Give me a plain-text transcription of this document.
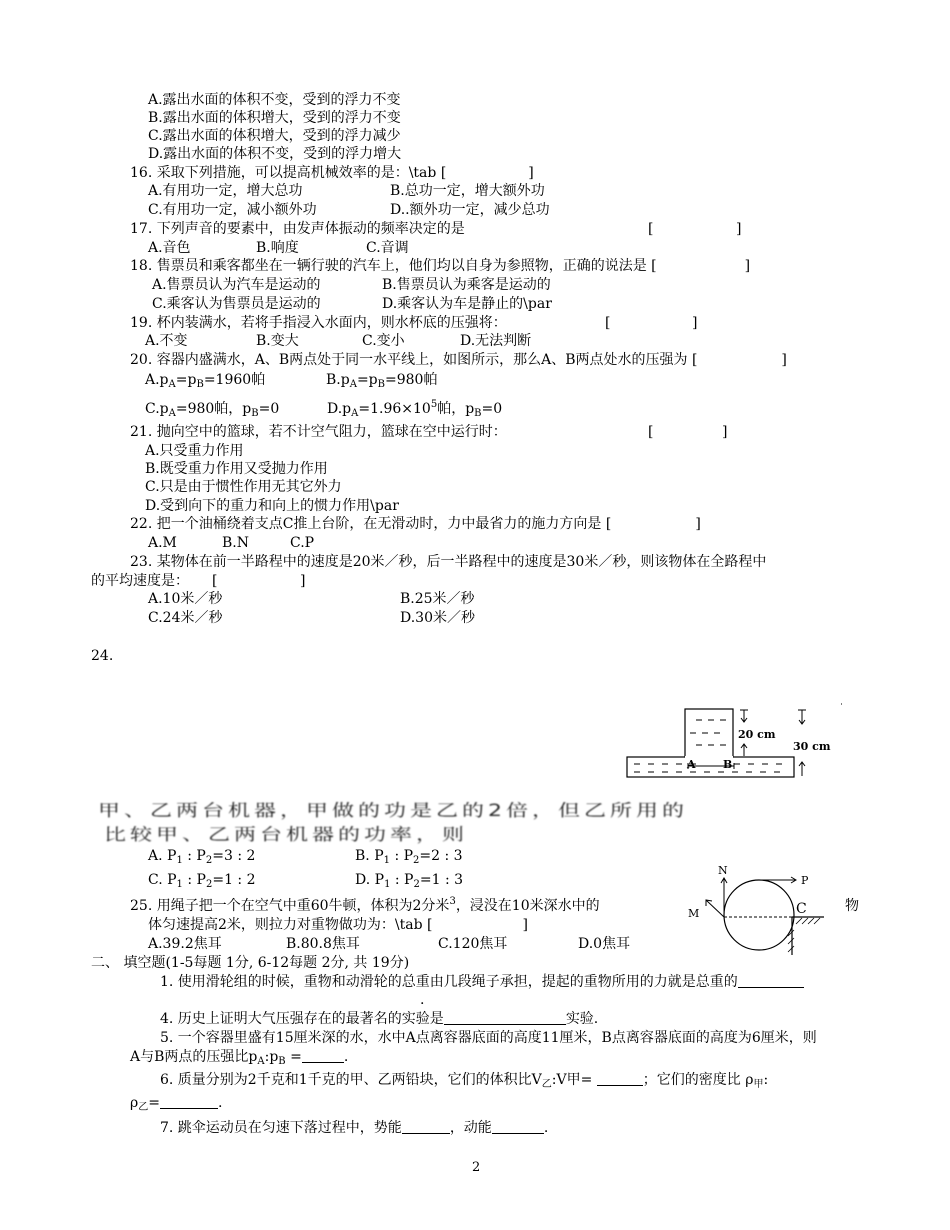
A.露出水面的体积不变，受到的浮力不变
B.露出水面的体积增大，受到的浮力不变
C.露出水面的体积增大，受到的浮力减少
D.露出水面的体积不变，受到的浮力增大
16. 采取下列措施，可以提高机械效率的是：\tab [	]
A.有用功一定，增大总功	B.总功一定，增大额外功
C.有用功一定，减小额外功	D..额外功一定，减少总功
17. 下列声音的要素中，由发声体振动的频率决定的是	[	]
A.音色	B.响度	C.音调
18. 售票员和乘客都坐在一辆行驶的汽车上，他们均以自身为参照物，正确的说法是 [	]
A.售票员认为汽车是运动的	B.售票员认为乘客是运动的
C.乘客认为售票员是运动的	D.乘客认为车是静止的\par
19. 杯内装满水，若将手指浸入水面内，则水杯底的压强将：	[	]
A.不变	B.变大	C.变小	D.无法判断
20. 容器内盛满水，A、B两点处于同一水平线上，如图所示，那么A、B两点处水的压强为 [	]
$A.p_A=p_B=1960$帕	$B.p_A=p_B=980$帕
$C.p_A=980$帕，$p_B=0$	$D.p_A=1.96\times 10^5$帕，$p_B=0$
21. 抛向空中的篮球，若不计空气阻力，篮球在空中运行时：	[	]
A.只受重力作用
B.既受重力作用又受抛力作用
C.只是由于惯性作用无其它外力
D.受到向下的重力和向上的惯力作用\par
22. 把一个油桶绕着支点C推上台阶，在无滑动时，力中最省力的施力方向是 [	]
A.M	B.N	C.P
23. 某物体在前一半路程中的速度是20米／秒，后一半路程中的速度是30米／秒，则该物体在全路程中
的平均速度是： [	]
A.10米／秒	B.25米／秒
C.24米／秒	D.30米／秒
24.
20 cm
30 cm
A B
甲、乙两台机器，甲做的功是乙的2倍，但乙所用的
比较甲、乙两台机器的功率，则
A. $P_1$ : $P_2=3$ : 2	B. $P_1$ : $P_2=2$ : 3
C. $P_1$ : $P_2=1$ : 2	D. $P_1$ : $P_2=1$ : 3
N
P
M	C
25. 用绳子把一个在空气中重60牛顿，体积为2分米$^3$，浸没在10米深水中的	物
体匀速提高2米，则拉力对重物做功为：\tab [	]
A.39.2焦耳	B.80.8焦耳	C.120焦耳	D.0焦耳
二、 填空题(1-5每题 1分, 6-12每题 2分, 共 19分)
1. 使用滑轮组的时候，重物和动滑轮的总重由几段绳子承担，提起的重物所用的力就是总重的
.
4. 历史上证明大气压强存在的最著名的实验是	实验.
5. 一个容器里盛有15厘米深的水，水中A点离容器底面的高度11厘米，B点离容器底面的高度为6厘米，则
A与B两点的压强比$p_A:p_B$ =	.
6. 质量分别为2千克和1千克的甲、乙两铅块，它们的体积比$V_乙:V$甲=	；它们的密度比 $\rho_甲$:
$\rho_乙=$	.
7. 跳伞运动员在匀速下落过程中，势能	，动能	.
2
